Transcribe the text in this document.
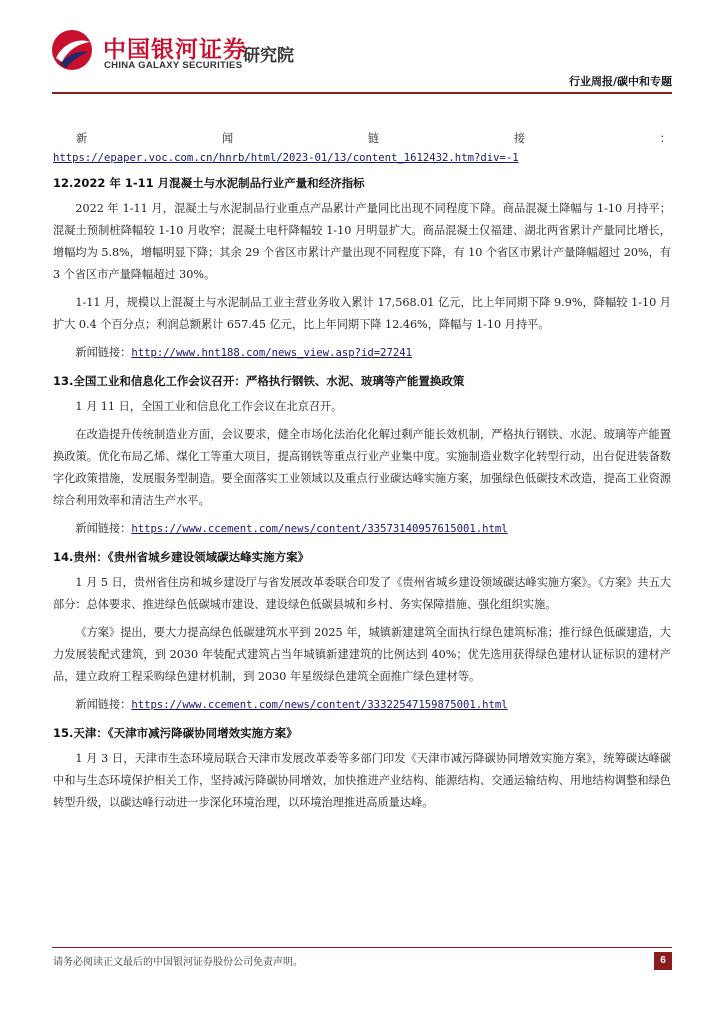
中国银河证券
CHINA GALAXY SECURITIES 研究院
行业周报/碳中和专题
新	闻	链	接	：
https://epaper.voc.com.cn/hnrb/html/2023-01/13/content_1612432.htm?div=-1
12.2022 年 1-11 月混凝土与水泥制品行业产量和经济指标

2022 年 1-11 月，混凝土与水泥制品行业重点产品累计产量同比出现不同程度下降。商品混凝土降幅与 1-10 月持平；混凝土预制桩降幅较 1-10 月收窄；混凝土电杆降幅较 1-10 月明显扩大。商品混凝土仅福建、湖北两省累计产量同比增长，增幅均为 5.8%，增幅明显下降；其余 29 个省区市累计产量出现不同程度下降，有 10 个省区市累计产量降幅超过 20%，有 3 个省区市产量降幅超过 30%。

1-11 月，规模以上混凝土与水泥制品工业主营业务收入累计 17,568.01 亿元，比上年同期下降 9.9%，降幅较 1-10 月扩大 0.4 个百分点；利润总额累计 657.45 亿元，比上年同期下降 12.46%，降幅与 1-10 月持平。

新闻链接：http://www.hnt188.com/news_view.asp?id=27241

13.全国工业和信息化工作会议召开：严格执行钢铁、水泥、玻璃等产能置换政策

1 月 11 日，全国工业和信息化工作会议在北京召开。

在改造提升传统制造业方面，会议要求，健全市场化法治化化解过剩产能长效机制，严格执行钢铁、水泥、玻璃等产能置换政策。优化布局乙烯、煤化工等重大项目，提高钢铁等重点行业产业集中度。实施制造业数字化转型行动，出台促进装备数字化政策措施，发展服务型制造。要全面落实工业领域以及重点行业碳达峰实施方案，加强绿色低碳技术改造，提高工业资源综合利用效率和清洁生产水平。

新闻链接：https://www.ccement.com/news/content/33573140957615001.html

14.贵州：《贵州省城乡建设领域碳达峰实施方案》

1 月 5 日，贵州省住房和城乡建设厅与省发展改革委联合印发了《贵州省城乡建设领域碳达峰实施方案》。《方案》共五大部分：总体要求、推进绿色低碳城市建设、建设绿色低碳县城和乡村、务实保障措施、强化组织实施。

《方案》提出，要大力提高绿色低碳建筑水平到 2025 年，城镇新建建筑全面执行绿色建筑标准；推行绿色低碳建造，大力发展装配式建筑，到 2030 年装配式建筑占当年城镇新建建筑的比例达到 40%；优先选用获得绿色建材认证标识的建材产品，建立政府工程采购绿色建材机制，到 2030 年星级绿色建筑全面推广绿色建材等。

新闻链接：https://www.ccement.com/news/content/33322547159875001.html

15.天津：《天津市减污降碳协同增效实施方案》

1 月 3 日，天津市生态环境局联合天津市发展改革委等多部门印发《天津市减污降碳协同增效实施方案》，统筹碳达峰碳中和与生态环境保护相关工作，坚持减污降碳协同增效，加快推进产业结构、能源结构、交通运输结构、用地结构调整和绿色转型升级，以碳达峰行动进一步深化环境治理，以环境治理推进高质量达峰。

请务必阅读正文最后的中国银河证券股份公司免责声明。	6
